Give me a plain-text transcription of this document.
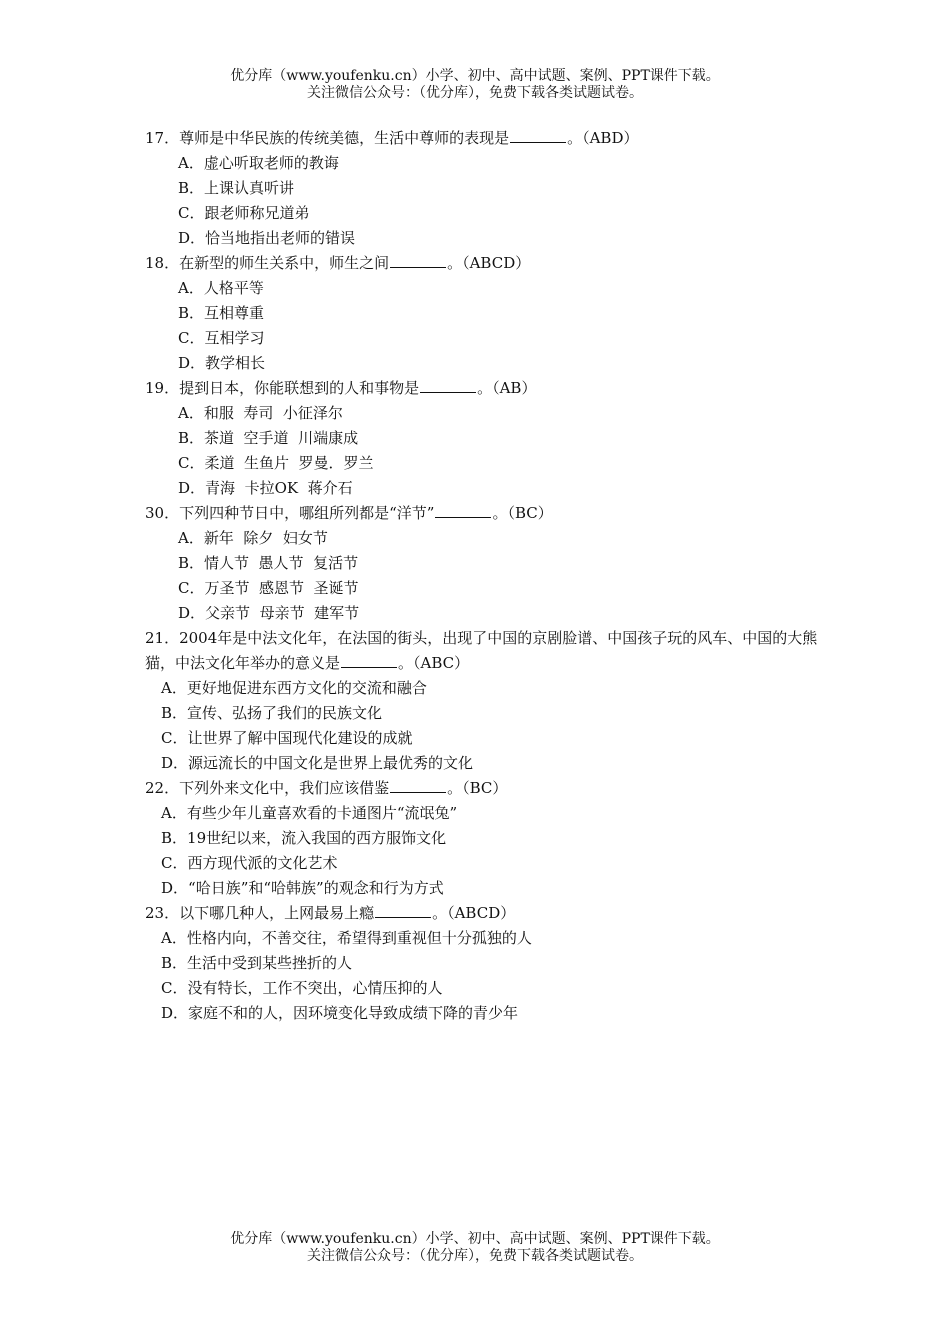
优分库（www.youfenku.cn）小学、初中、高中试题、案例、PPT课件下载。
关注微信公众号：（优分库），免费下载各类试题试卷。

17．尊师是中华民族的传统美德，生活中尊师的表现是	。（ABD）

A．虚心听取老师的教诲

B．上课认真听讲

C．跟老师称兄道弟

D．恰当地指出老师的错误

18．在新型的师生关系中，师生之间	。（ABCD）

A．人格平等

B．互相尊重

C．互相学习

D．教学相长

19．提到日本，你能联想到的人和事物是	。（AB）

A．和服  寿司  小征泽尔

B．茶道  空手道  川端康成

C．柔道  生鱼片  罗曼．罗兰

D．青海  卡拉OK  蒋介石

30．下列四种节日中，哪组所列都是“洋节”	。（BC）

A．新年  除夕  妇女节

B．情人节  愚人节  复活节

C．万圣节  感恩节  圣诞节

D．父亲节  母亲节  建军节

21．2004年是中法文化年，在法国的街头，出现了中国的京剧脸谱、中国孩子玩的风车、中国的大熊猫，中法文化年举办的意义是	。（ABC）

A．更好地促进东西方文化的交流和融合

B．宣传、弘扬了我们的民族文化

C．让世界了解中国现代化建设的成就

D．源远流长的中国文化是世界上最优秀的文化

22．下列外来文化中，我们应该借鉴	。（BC）

A．有些少年儿童喜欢看的卡通图片“流氓兔”

B．19世纪以来，流入我国的西方服饰文化

C．西方现代派的文化艺术

D．“哈日族”和“哈韩族”的观念和行为方式

23．以下哪几种人，上网最易上瘾	。（ABCD）

A．性格内向，不善交往，希望得到重视但十分孤独的人

B．生活中受到某些挫折的人

C．没有特长，工作不突出，心情压抑的人

D．家庭不和的人，因环境变化导致成绩下降的青少年

优分库（www.youfenku.cn）小学、初中、高中试题、案例、PPT课件下载。
关注微信公众号：（优分库），免费下载各类试题试卷。
